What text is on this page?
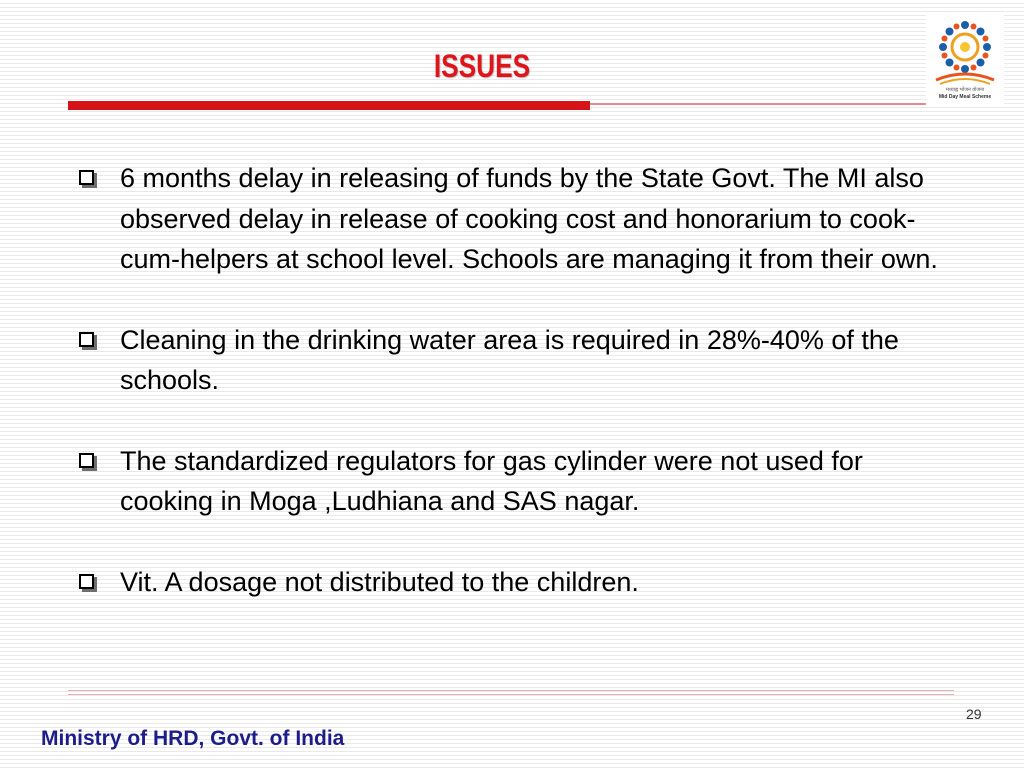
ISSUES
मध्याह्न भोजन योजना
Mid Day Meal Scheme
6 months delay in releasing of funds by the State Govt. The MI also observed delay in release of cooking cost and honorarium to cook-cum-helpers at school level. Schools are managing it from their own.
Cleaning in the drinking water area is required in 28%-40% of the schools.
The standardized regulators for gas cylinder were not used for cooking in Moga ,Ludhiana and SAS nagar.
Vit. A dosage not distributed to the children.
29
Ministry of HRD, Govt. of India
